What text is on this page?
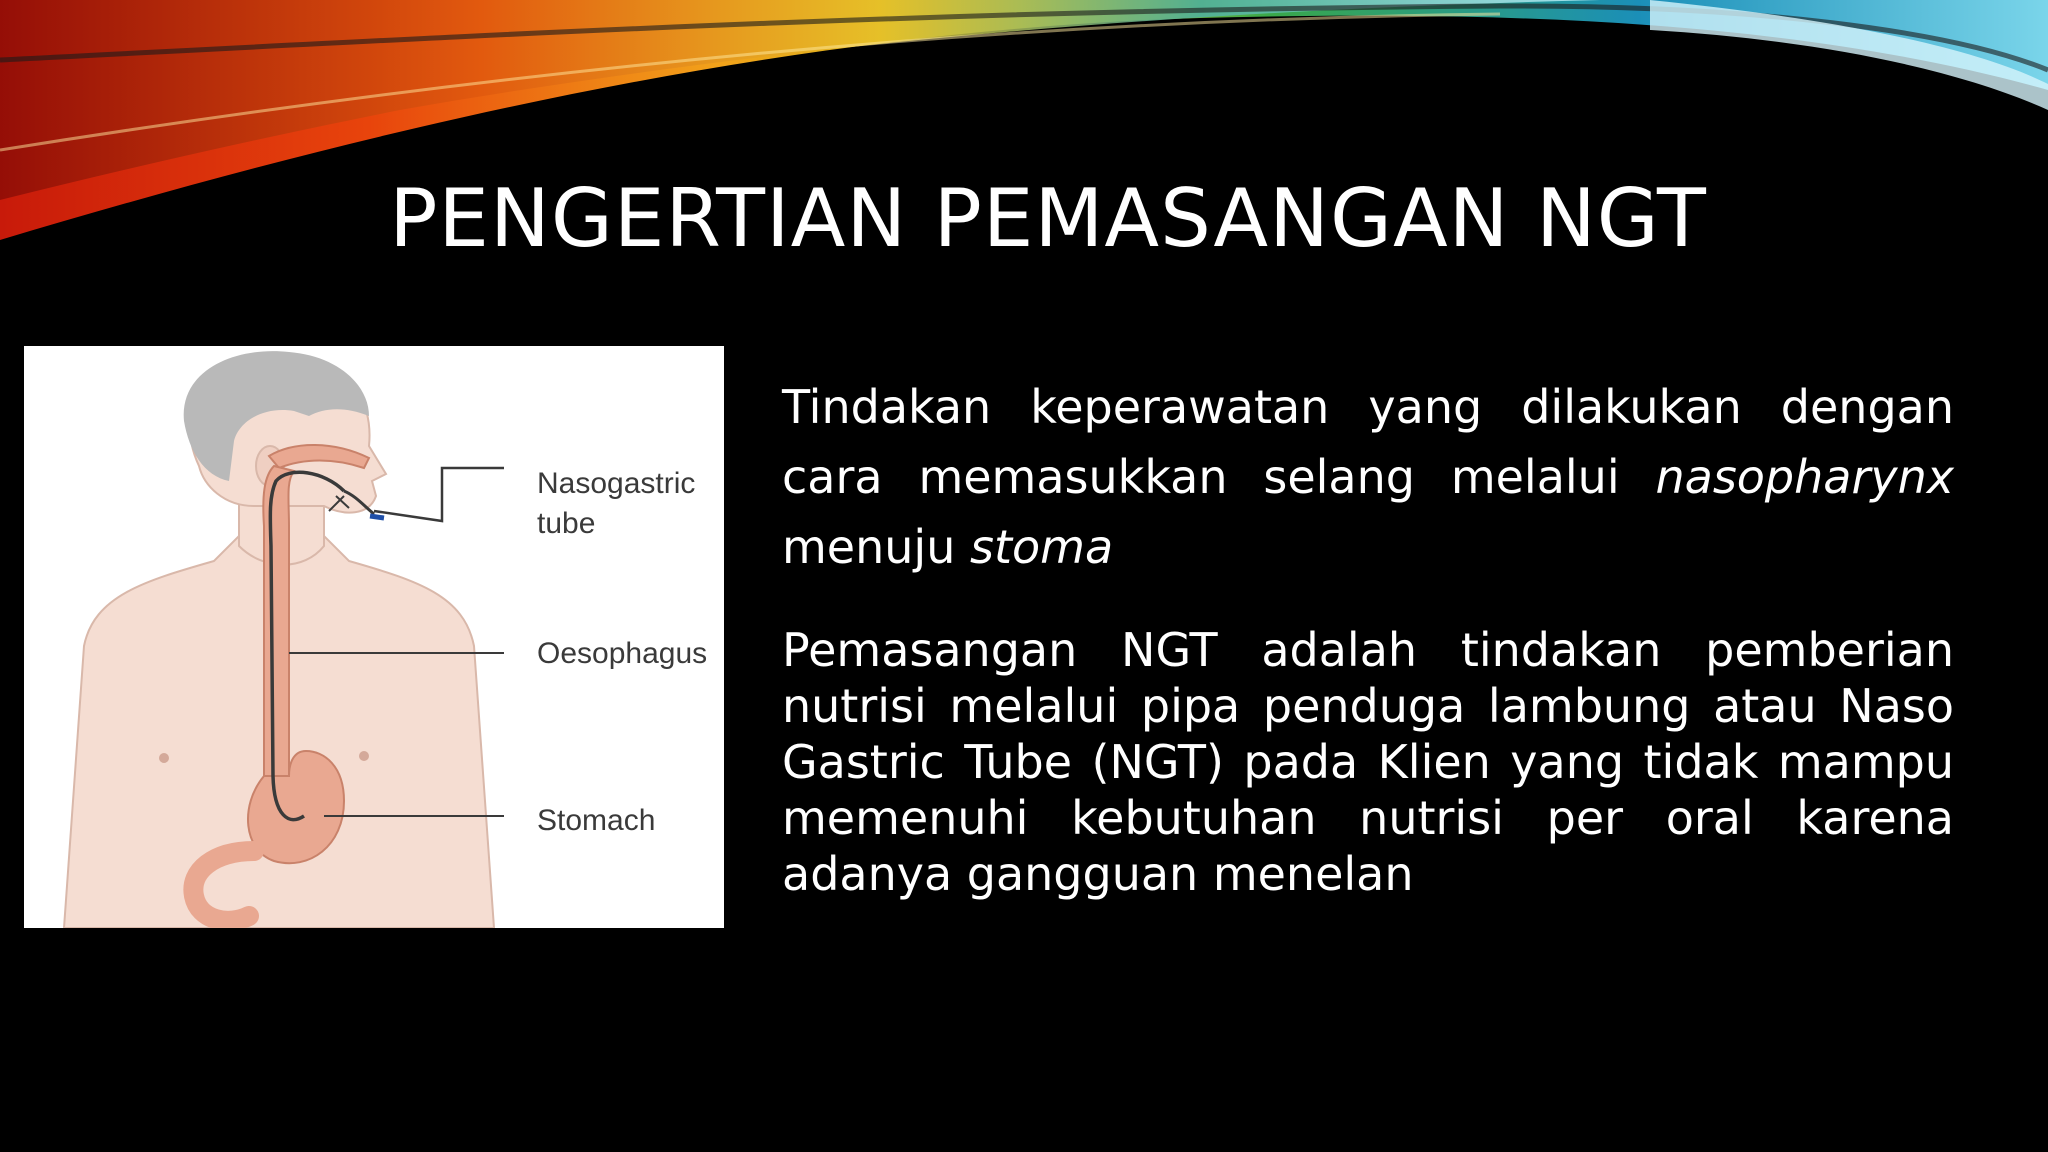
PENGERTIAN PEMASANGAN NGT
Nasogastric
tube
Oesophagus
Stomach
Tindakan keperawatan yang dilakukan dengan cara memasukkan selang melalui nasopharynx menuju stoma
Pemasangan NGT adalah tindakan pemberian nutrisi melalui pipa penduga lambung atau Naso Gastric Tube (NGT) pada Klien yang tidak mampu memenuhi kebutuhan nutrisi per oral karena adanya gangguan menelan
